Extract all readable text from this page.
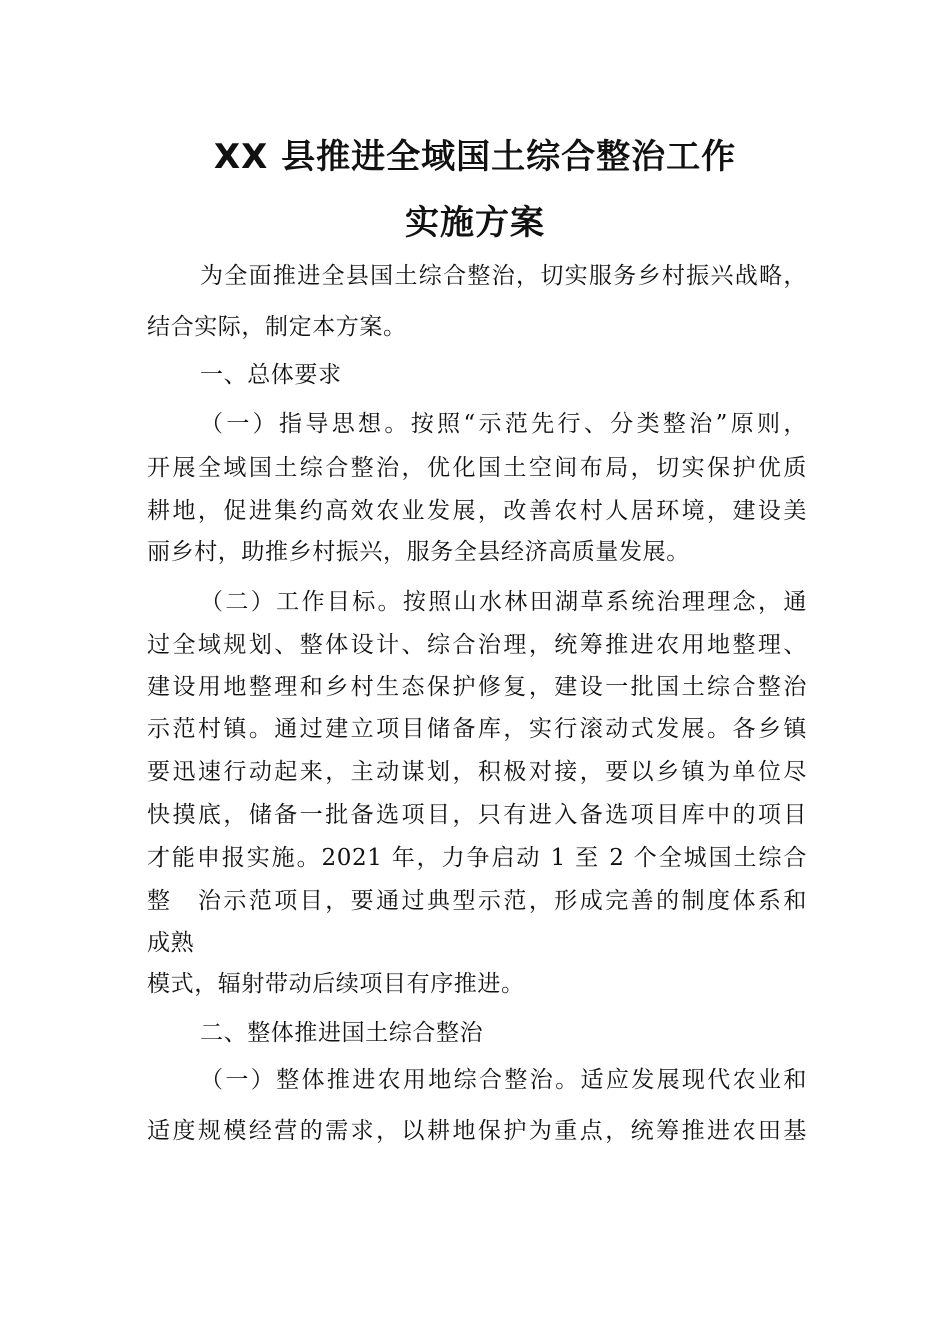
XX 县推进全域国土综合整治工作
实施方案
为全面推进全县国土综合整治，切实服务乡村振兴战略，
结合实际，制定本方案。
一、总体要求
（一）指导思想。按照“示范先行、分类整治”原则，
开展全域国土综合整治，优化国土空间布局，切实保护优质
耕地，促进集约高效农业发展，改善农村人居环境，建设美
丽乡村，助推乡村振兴，服务全县经济高质量发展。
（二）工作目标。按照山水林田湖草系统治理理念，通
过全域规划、整体设计、综合治理，统筹推进农用地整理、
建设用地整理和乡村生态保护修复，建设一批国土综合整治
示范村镇。通过建立项目储备库，实行滚动式发展。各乡镇
要迅速行动起来，主动谋划，积极对接，要以乡镇为单位尽
快摸底，储备一批备选项目，只有进入备选项目库中的项目
才能申报实施。2021 年，力争启动 1 至 2 个全城国土综合
整　治示范项目，要通过典型示范，形成完善的制度体系和
成熟
模式，辐射带动后续项目有序推进。
二、整体推进国土综合整治
（一）整体推进农用地综合整治。适应发展现代农业和
适度规模经营的需求，以耕地保护为重点，统筹推进农田基
